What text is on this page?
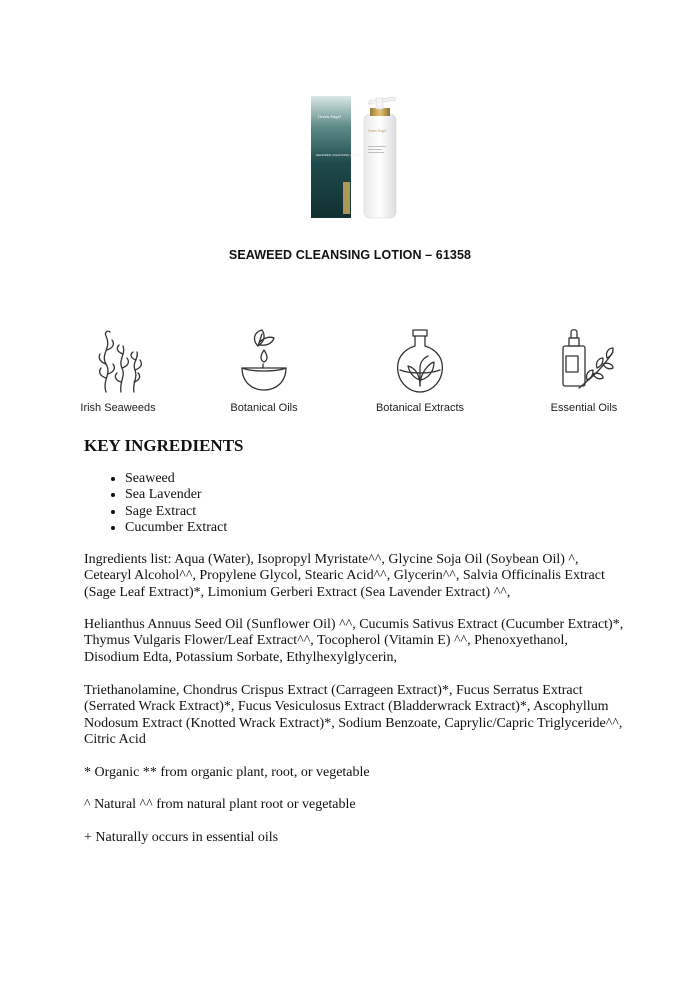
Green Angel
SEAWEED CLEANSING LOTION
Green Angel
SEAWEED CLEANSING LOTION – 61358
Irish Seaweeds	Botanical Oils	Botanical Extracts	Essential Oils
KEY INGREDIENTS
• Seaweed
• Sea Lavender
• Sage Extract
• Cucumber Extract

Ingredients list: Aqua (Water), Isopropyl Myristate^^, Glycine Soja Oil (Soybean Oil) ^, Cetearyl Alcohol^^, Propylene Glycol, Stearic Acid^^, Glycerin^^, Salvia Officinalis Extract (Sage Leaf Extract)*, Limonium Gerberi Extract (Sea Lavender Extract) ^^,

Helianthus Annuus Seed Oil (Sunflower Oil) ^^, Cucumis Sativus Extract (Cucumber Extract)*, Thymus Vulgaris Flower/Leaf Extract^^, Tocopherol (Vitamin E) ^^, Phenoxyethanol, Disodium Edta, Potassium Sorbate, Ethylhexylglycerin,

Triethanolamine, Chondrus Crispus Extract (Carrageen Extract)*, Fucus Serratus Extract (Serrated Wrack Extract)*, Fucus Vesiculosus Extract (Bladderwrack Extract)*, Ascophyllum Nodosum Extract (Knotted Wrack Extract)*, Sodium Benzoate, Caprylic/Capric Triglyceride^^, Citric Acid

* Organic ** from organic plant, root, or vegetable

^ Natural ^^ from natural plant root or vegetable

+ Naturally occurs in essential oils
